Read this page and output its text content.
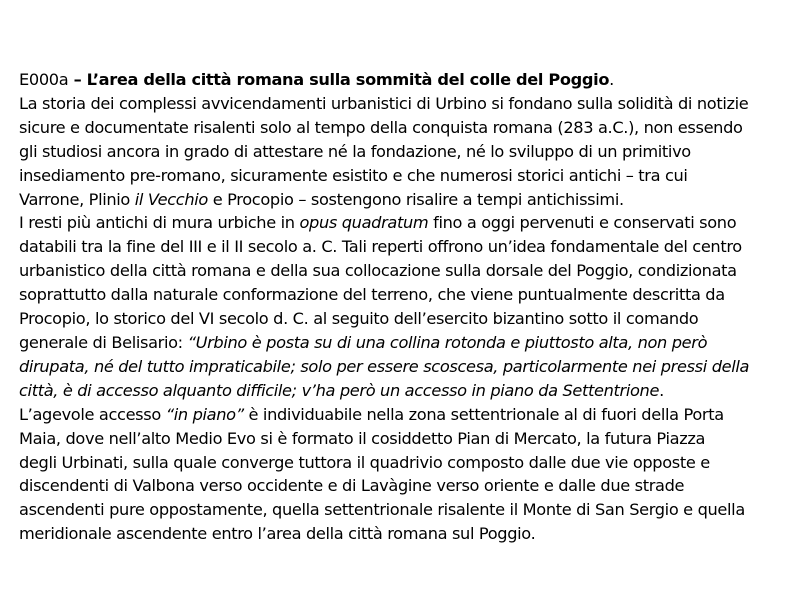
E000a – L’area della città romana sulla sommità del colle del Poggio.
La storia dei complessi avvicendamenti urbanistici di Urbino si fondano sulla solidità di notizie
sicure e documentate risalenti solo al tempo della conquista romana (283 a.C.), non essendo
gli studiosi ancora in grado di attestare né la fondazione, né lo sviluppo di un primitivo
insediamento pre-romano, sicuramente esistito e che numerosi storici antichi – tra cui
Varrone, Plinio il Vecchio e Procopio – sostengono risalire a tempi antichissimi.
I resti più antichi di mura urbiche in opus quadratum fino a oggi pervenuti e conservati sono
databili tra la fine del III e il II secolo a. C. Tali reperti offrono un’idea fondamentale del centro
urbanistico della città romana e della sua collocazione sulla dorsale del Poggio, condizionata
soprattutto dalla naturale conformazione del terreno, che viene puntualmente descritta da
Procopio, lo storico del VI secolo d. C. al seguito dell’esercito bizantino sotto il comando
generale di Belisario: “Urbino è posta su di una collina rotonda e piuttosto alta, non però
dirupata, né del tutto impraticabile; solo per essere scoscesa, particolarmente nei pressi della
città, è di accesso alquanto difficile; v’ha però un accesso in piano da Settentrione.
L’agevole accesso “in piano” è individuabile nella zona settentrionale al di fuori della Porta
Maia, dove nell’alto Medio Evo si è formato il cosiddetto Pian di Mercato, la futura Piazza
degli Urbinati, sulla quale converge tuttora il quadrivio composto dalle due vie opposte e
discendenti di Valbona verso occidente e di Lavàgine verso oriente e dalle due strade
ascendenti pure oppostamente, quella settentrionale risalente il Monte di San Sergio e quella
meridionale ascendente entro l’area della città romana sul Poggio.
